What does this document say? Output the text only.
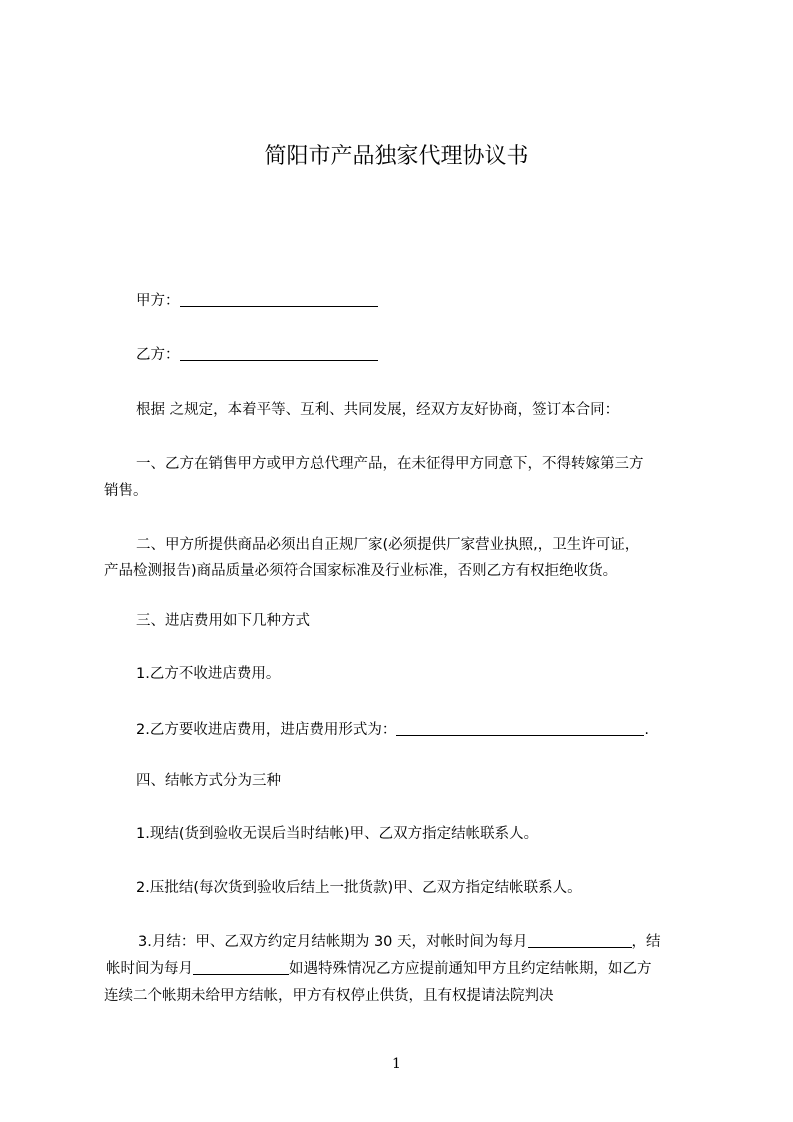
简阳市产品独家代理协议书
甲方：
乙方：
根据 之规定，本着平等、互利、共同发展，经双方友好协商，签订本合同：
一、乙方在销售甲方或甲方总代理产品，在未征得甲方同意下，不得转嫁第三方
销售。
二、甲方所提供商品必须出自正规厂家(必须提供厂家营业执照,，卫生许可证，
产品检测报告)商品质量必须符合国家标准及行业标准，否则乙方有权拒绝收货。
三、进店费用如下几种方式
1.乙方不收进店费用。
2.乙方要收进店费用，进店费用形式为：	.
四、结帐方式分为三种
1.现结(货到验收无误后当时结帐)甲、乙双方指定结帐联系人。
2.压批结(每次货到验收后结上一批货款)甲、乙双方指定结帐联系人。
3.月结：甲、乙双方约定月结帐期为 30 天，对帐时间为每月	，结
帐时间为每月	如遇特殊情况乙方应提前通知甲方且约定结帐期，如乙方
连续二个帐期未给甲方结帐，甲方有权停止供货，且有权提请法院判决
1
